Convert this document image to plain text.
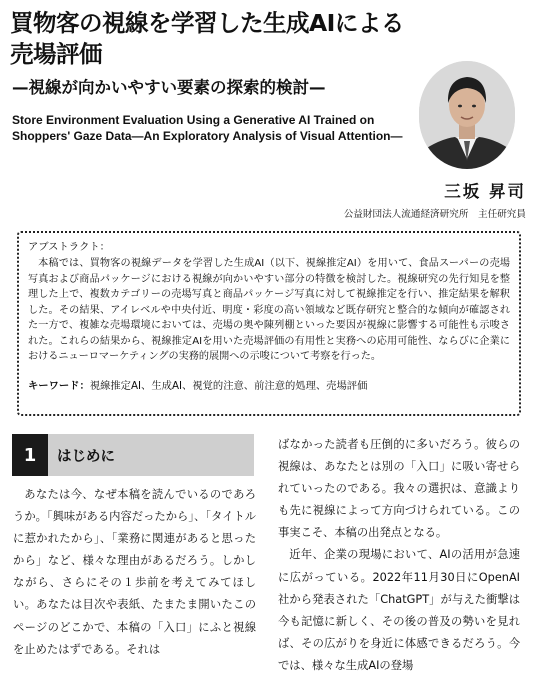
買物客の視線を学習した生成AIによる
売場評価
—視線が向かいやすい要素の探索的検討—
Store Environment Evaluation Using a Generative AI Trained on Shoppers' Gaze Data—An Exploratory Analysis of Visual Attention—
三坂 昇司
公益財団法人流通経済研究所　主任研究員
アブストラクト：
本稿では、買物客の視線データを学習した生成AI（以下、視線推定AI）を用いて、食品スーパーの売場写真および商品パッケージにおける視線が向かいやすい部分の特徴を検討した。視線研究の先行知見を整理した上で、複数カテゴリーの売場写真と商品パッケージ写真に対して視線推定を行い、推定結果を解釈した。その結果、アイレベルや中央付近、明度・彩度の高い領域など既存研究と整合的な傾向が確認された一方で、複雑な売場環境においては、売場の奥や陳列棚といった要因が視線に影響する可能性も示唆された。これらの結果から、視線推定AIを用いた売場評価の有用性と実務への応用可能性、ならびに企業におけるニューロマーケティングの実務的展開への示唆について考察を行った。
キーワード：視線推定AI、生成AI、視覚的注意、前注意的処理、売場評価
1	はじめに

あなたは今、なぜ本稿を読んでいるのであろうか。「興味がある内容だったから」、「タイトルに惹かれたから」、「業務に関連があると思ったから」など、様々な理由があるだろう。しかしながら、さらにその１歩前を考えてみてほしい。あなたは目次や表紙、たまたま開いたこのページのどこかで、本稿の「入口」にふと視線を止めたはずである。それは

ばなかった読者も圧倒的に多いだろう。彼らの視線は、あなたとは別の「入口」に吸い寄せられていったのである。我々の選択は、意識よりも先に視線によって方向づけられている。この事実こそ、本稿の出発点となる。

近年、企業の現場において、AIの活用が急速に広がっている。2022年11月30日にOpenAI社から発表された「ChatGPT」が与えた衝撃は今も記憶に新しく、その後の普及の勢いを見れば、その広がりを身近に体感できるだろう。今では、様々な生成AIの登場
